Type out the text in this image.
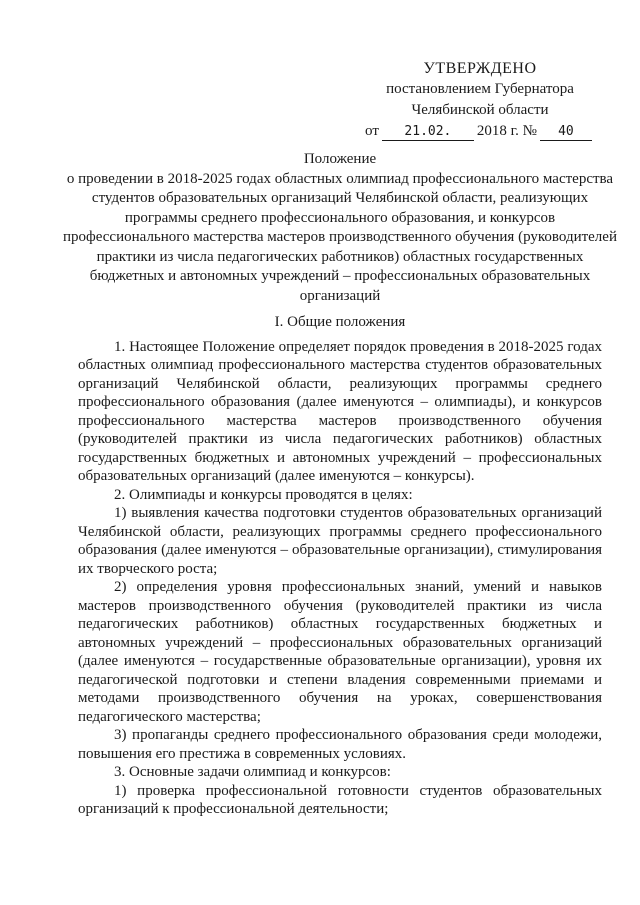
УТВЕРЖДЕНО
постановлением Губернатора
Челябинской области
от	21.02.	2018 г. №	40
Положение
о проведении в 2018-2025 годах областных олимпиад профессионального мастерства студентов образовательных организаций Челябинской области, реализующих программы среднего профессионального образования, и конкурсов профессионального мастерства мастеров производственного обучения (руководителей практики из числа педагогических работников) областных государственных бюджетных и автономных учреждений – профессиональных образовательных организаций
I. Общие положения

1. Настоящее Положение определяет порядок проведения в 2018-2025 годах областных олимпиад профессионального мастерства студентов образовательных организаций Челябинской области, реализующих программы среднего профессионального образования (далее именуются – олимпиады), и конкурсов профессионального мастерства мастеров производственного обучения (руководителей практики из числа педагогических работников) областных государственных бюджетных и автономных учреждений – профессиональных образовательных организаций (далее именуются – конкурсы).

2. Олимпиады и конкурсы проводятся в целях:

1) выявления качества подготовки студентов образовательных организаций Челябинской области, реализующих программы среднего профессионального образования (далее именуются – образовательные организации), стимулирования их творческого роста;

2) определения уровня профессиональных знаний, умений и навыков мастеров производственного обучения (руководителей практики из числа педагогических работников) областных государственных бюджетных и автономных учреждений – профессиональных образовательных организаций (далее именуются – государственные образовательные организации), уровня их педагогической подготовки и степени владения современными приемами и методами производственного обучения на уроках, совершенствования педагогического мастерства;

3) пропаганды среднего профессионального образования среди молодежи, повышения его престижа в современных условиях.

3. Основные задачи олимпиад и конкурсов:

1) проверка профессиональной готовности студентов образовательных организаций к профессиональной деятельности;
